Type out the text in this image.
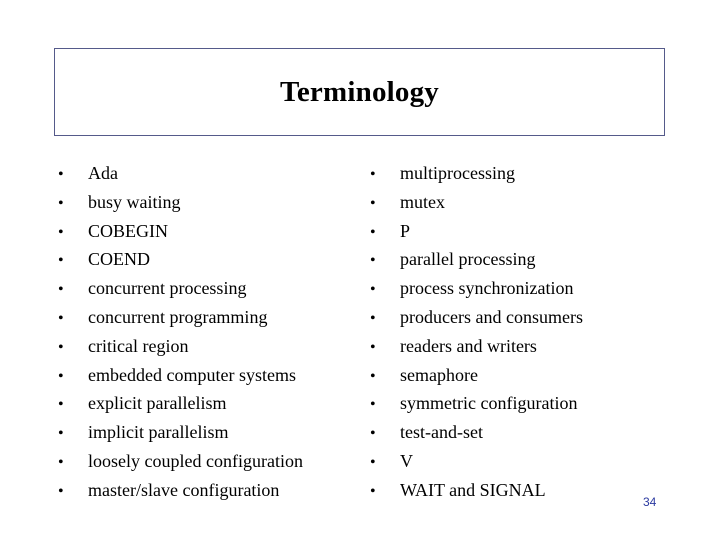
Terminology
• Ada
• busy waiting
• COBEGIN
• COEND
• concurrent processing
• concurrent programming
• critical region
• embedded computer systems
• explicit parallelism
• implicit parallelism
• loosely coupled configuration
• master/slave configuration
• multiprocessing
• mutex
• P
• parallel processing
• process synchronization
• producers and consumers
• readers and writers
• semaphore
• symmetric configuration
• test-and-set
• V
• WAIT and SIGNAL
34
